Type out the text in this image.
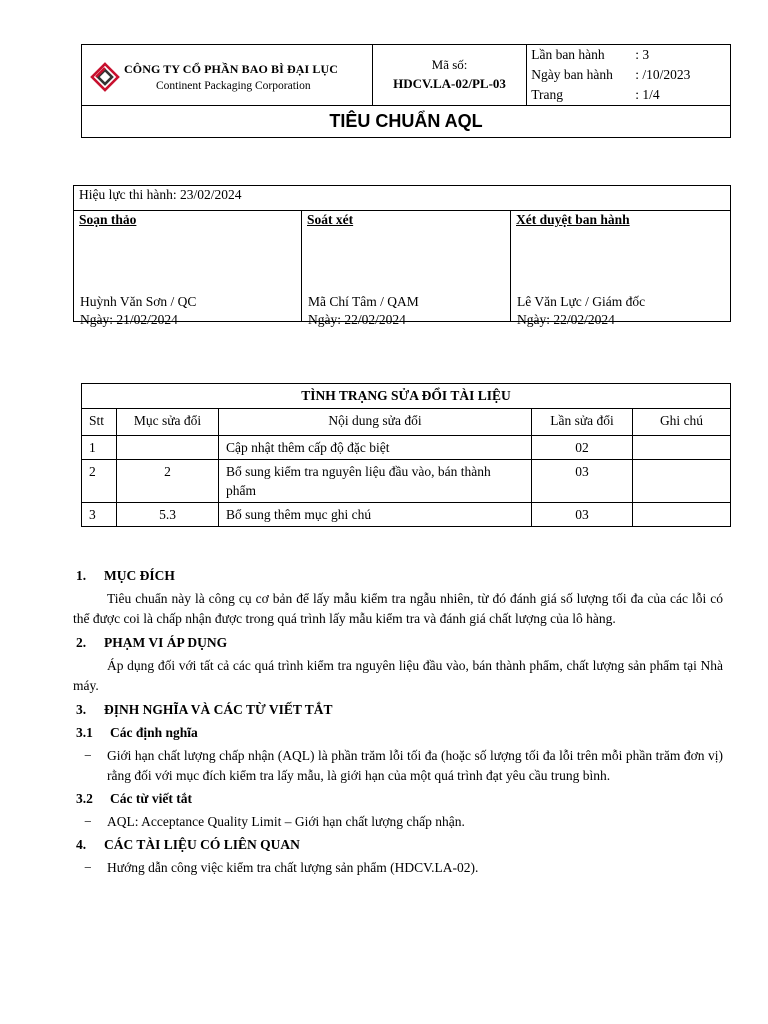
CÔNG TY CỔ PHẦN BAO BÌ ĐẠI LỤC
Continent Packaging Corporation

Mã số:
HDCV.LA-02/PL-03

Lần ban hành : 3
Ngày ban hành : /10/2023
Trang	: 1/4

TIÊU CHUẨN AQL
Hiệu lực thi hành: 23/02/2024

Soạn thảo
Huỳnh Văn Sơn / QC
Ngày: 21/02/2024

Soát xét
Mã Chí Tâm / QAM
Ngày: 22/02/2024

Xét duyệt ban hành
Lê Văn Lực / Giám đốc
Ngày: 22/02/2024
TÌNH TRẠNG SỬA ĐỔI TÀI LIỆU				
Stt	Mục sửa đổi	Nội dung sửa đổi	Lần sửa đổi	Ghi chú
1		Cập nhật thêm cấp độ đặc biệt	02	
2	2	Bổ sung kiểm tra nguyên liệu đầu vào, bán thành phẩm	03	
3	5.3	Bổ sung thêm mục ghi chú	03	

1. MỤC ĐÍCH

Tiêu chuẩn này là công cụ cơ bản để lấy mẫu kiểm tra ngẫu nhiên, từ đó đánh giá số lượng tối đa của các lỗi có thể được coi là chấp nhận được trong quá trình lấy mẫu kiểm tra và đánh giá chất lượng của lô hàng.

2. PHẠM VI ÁP DỤNG

Áp dụng đối với tất cả các quá trình kiểm tra nguyên liệu đầu vào, bán thành phẩm, chất lượng sản phẩm tại Nhà máy.

3. ĐỊNH NGHĨA VÀ CÁC TỪ VIẾT TẮT

3.1 Các định nghĩa

− Giới hạn chất lượng chấp nhận (AQL) là phần trăm lỗi tối đa (hoặc số lượng tối đa lỗi trên mỗi phần trăm đơn vị) rằng đối với mục đích kiểm tra lấy mẫu, là giới hạn của một quá trình đạt yêu cầu trung bình.

3.2 Các từ viết tắt

− AQL: Acceptance Quality Limit – Giới hạn chất lượng chấp nhận.

4. CÁC TÀI LIỆU CÓ LIÊN QUAN

− Hướng dẫn công việc kiểm tra chất lượng sản phẩm (HDCV.LA-02).
